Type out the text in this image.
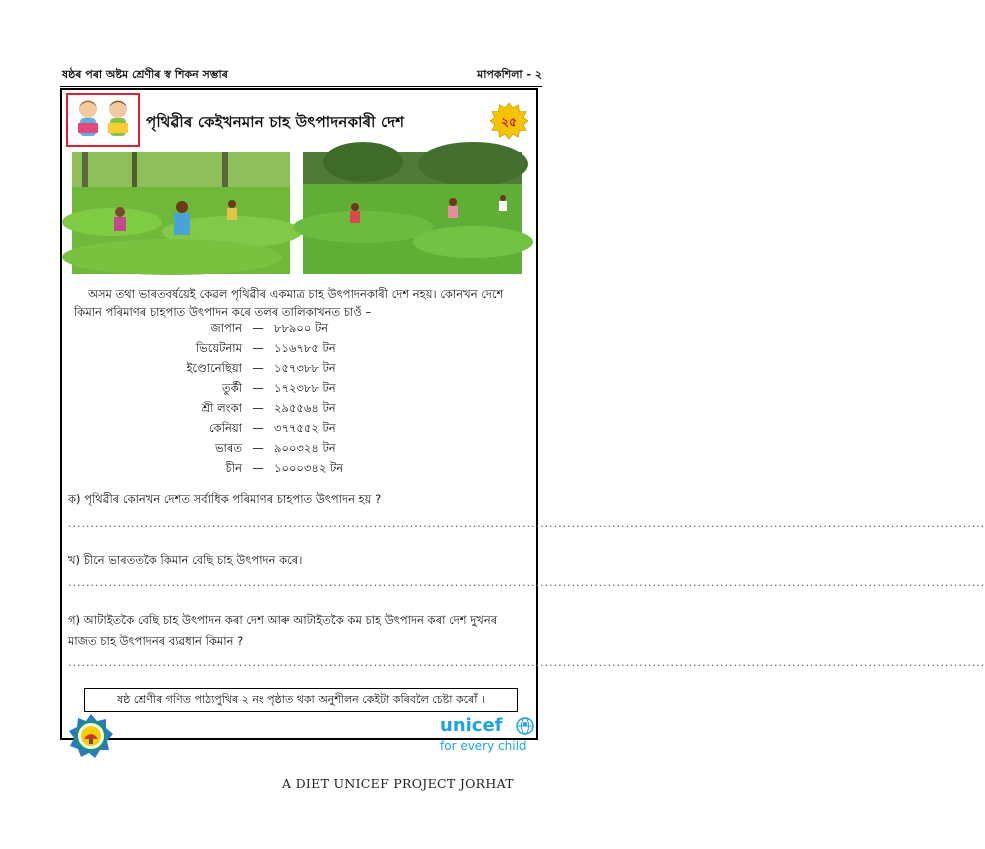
ষষ্ঠৰ পৰা অষ্টম শ্ৰেণীৰ স্ব শিকন সম্ভাৰ	মাপকশিলা - ২
পৃথিৱীৰ কেইখনমান চাহ উৎপাদনকাৰী দেশ	২৫
অসম তথা ভাৰতবৰ্ষয়েই কেৱল পৃথিৱীৰ একমাত্ৰ চাহ উৎপাদনকাৰী দেশ নহয়। কোনখন দেশে
কিমান পৰিমাণৰ চাহপাত উৎপাদন কৰে তলৰ তালিকাখনত চাওঁ –
জাপান — ৮৮৯০০ টন
ভিয়েটনাম — ১১৬৭৮৫ টন
ইণ্ডোনেছিয়া — ১৫৭৩৮৮ টন
তুৰ্কী — ১৭২৩৮৮ টন
শ্ৰী লংকা — ২৯৫৫৬৪ টন
কেনিয়া — ৩৭৭৫৫২ টন
ভাৰত — ৯০০৩২৪ টন
চীন — ১০০০৩৪২ টন
ক) পৃথিৱীৰ কোনখন দেশত সৰ্বাধিক পৰিমাণৰ চাহপাত উৎপাদন হয় ?
............................................................................................................................................................................................................
খ) চীনে ভাৰততকৈ কিমান বেছি চাহ উৎপাদন কৰে।
............................................................................................................................................................................................................
গ) আটাইতকৈ বেছি চাহ উৎপাদন কৰা দেশ আৰু আটাইতকৈ কম চাহ উৎপাদন কৰা দেশ দুখনৰ
মাজত চাহ উৎপাদনৰ ব্যৱধান কিমান ?
............................................................................................................................................................................................................
ষষ্ঠ শ্ৰেণীৰ গণিত পাঠ্যপুথিৰ ২ নং পৃষ্ঠাত থকা অনুশীলন কেইটা কৰিবলৈ চেষ্টা কৰোঁ ।
unicef
for every child
A DIET UNICEF PROJECT JORHAT
